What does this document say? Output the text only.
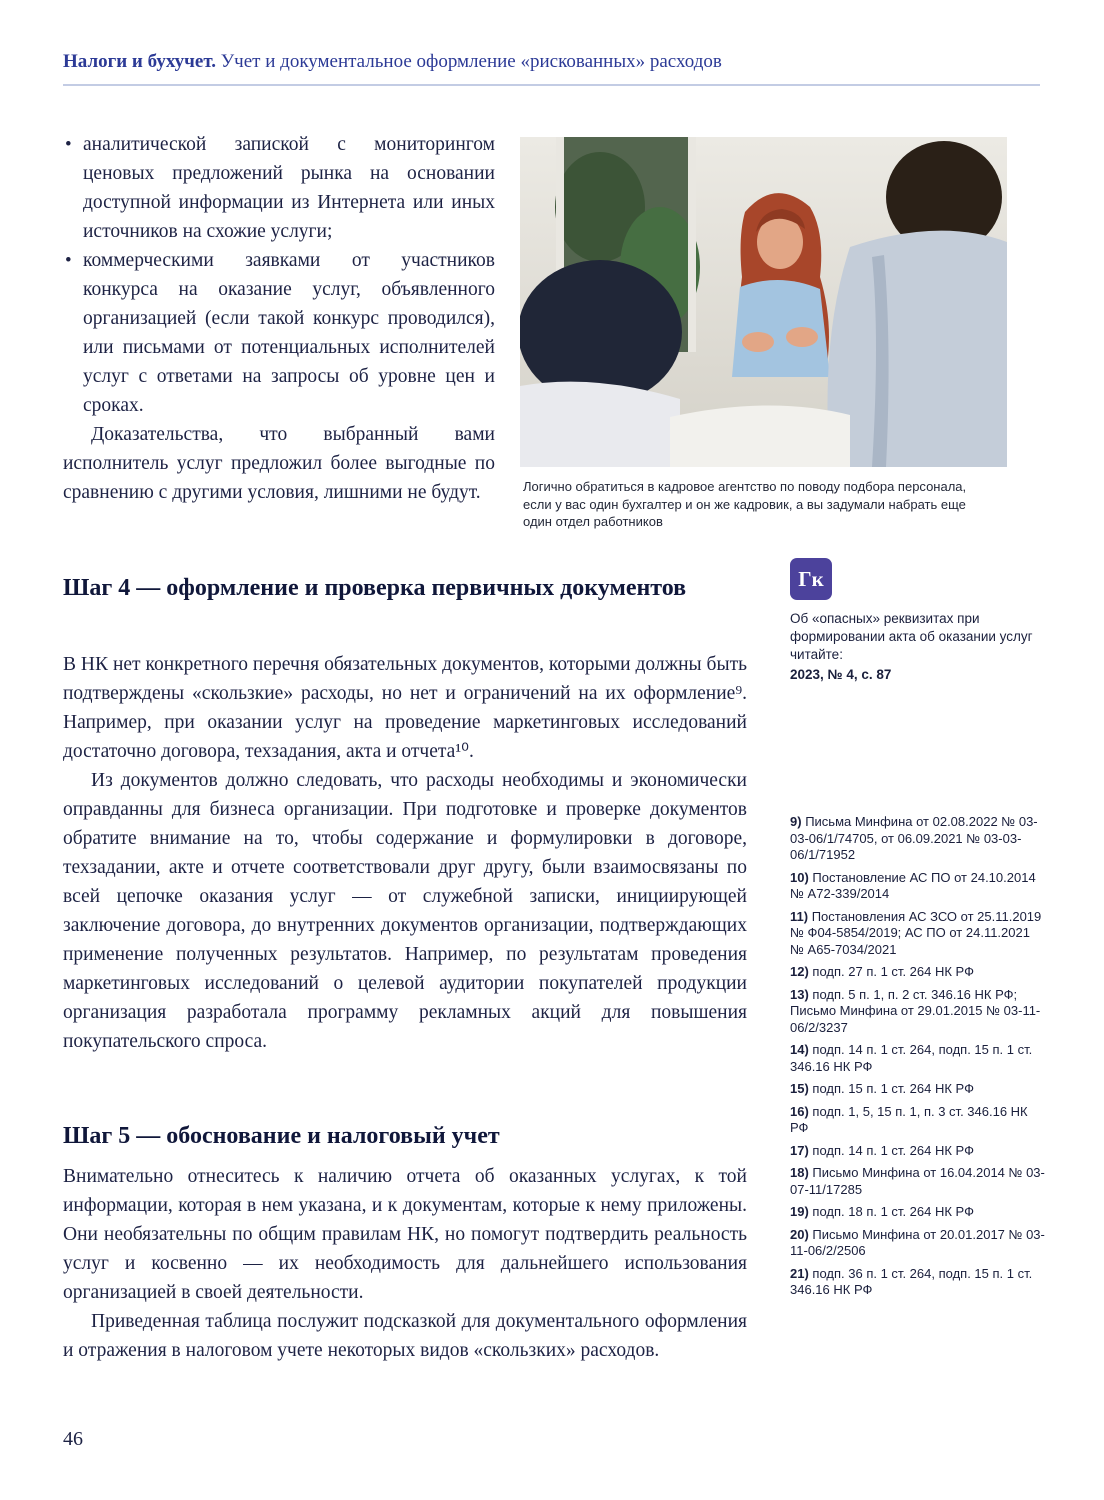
Налоги и бухучет. Учет и документальное оформление «рискованных» расходов
• аналитической запиской с мониторингом ценовых предложений рынка на основании доступной информации из Интернета или иных источников на схожие услуги;
• коммерческими заявками от участников конкурса на оказание услуг, объявленного организацией (если такой конкурс проводился), или письмами от потенциальных исполнителей услуг с ответами на запросы об уровне цен и сроках.

Доказательства, что выбранный вами исполнитель услуг предложил более выгодные по сравнению с другими условия, лишними не будут.	Логично обратиться в кадровое агентство по поводу подбора персонала, если у вас один бухгалтер и он же кадровик, а вы задумали набрать еще один отдел работников
Шаг 4 — оформление и проверка первичных документов

В НК нет конкретного перечня обязательных документов, которыми должны быть подтверждены «скользкие» расходы, но нет и ограничений на их оформление⁹. Например, при оказании услуг на проведение маркетинговых исследований достаточно договора, техзадания, акта и отчета¹⁰.

Из документов должно следовать, что расходы необходимы и экономически оправданны для бизнеса организации. При подготовке и проверке документов обратите внимание на то, чтобы содержание и формулировки в договоре, техзадании, акте и отчете соответствовали друг другу, были взаимосвязаны по всей цепочке оказания услуг — от служебной записки, инициирующей заключение договора, до внутренних документов организации, подтверждающих применение полученных результатов. Например, по результатам проведения маркетинговых исследований о целевой аудитории покупателей продукции организация разработала программу рекламных акций для повышения покупательского спроса.

Шаг 5 — обоснование и налоговый учет

Внимательно отнеситесь к наличию отчета об оказанных услугах, к той информации, которая в нем указана, и к документам, которые к нему приложены. Они необязательны по общим правилам НК, но помогут подтвердить реальность услуг и косвенно — их необходимость для дальнейшего использования организацией в своей деятельности.

Приведенная таблица послужит подсказкой для документального оформления и отражения в налоговом учете некоторых видов «скользких» расходов.

Гк
Об «опасных» реквизитах при формировании акта об оказании услуг читайте:
2023, № 4, с. 87
9) Письма Минфина от 02.08.2022 № 03-03-06/1/74705, от 06.09.2021 № 03-03-06/1/71952
10) Постановление АС ПО от 24.10.2014 № А72-339/2014
11) Постановления АС ЗСО от 25.11.2019 № Ф04-5854/2019; АС ПО от 24.11.2021 № А65-7034/2021
12) подп. 27 п. 1 ст. 264 НК РФ
13) подп. 5 п. 1, п. 2 ст. 346.16 НК РФ; Письмо Минфина от 29.01.2015 № 03-11-06/2/3237
14) подп. 14 п. 1 ст. 264, подп. 15 п. 1 ст. 346.16 НК РФ
15) подп. 15 п. 1 ст. 264 НК РФ
16) подп. 1, 5, 15 п. 1, п. 3 ст. 346.16 НК РФ
17) подп. 14 п. 1 ст. 264 НК РФ
18) Письмо Минфина от 16.04.2014 № 03-07-11/17285
19) подп. 18 п. 1 ст. 264 НК РФ
20) Письмо Минфина от 20.01.2017 № 03-11-06/2/2506
21) подп. 36 п. 1 ст. 264, подп. 15 п. 1 ст. 346.16 НК РФ
46
